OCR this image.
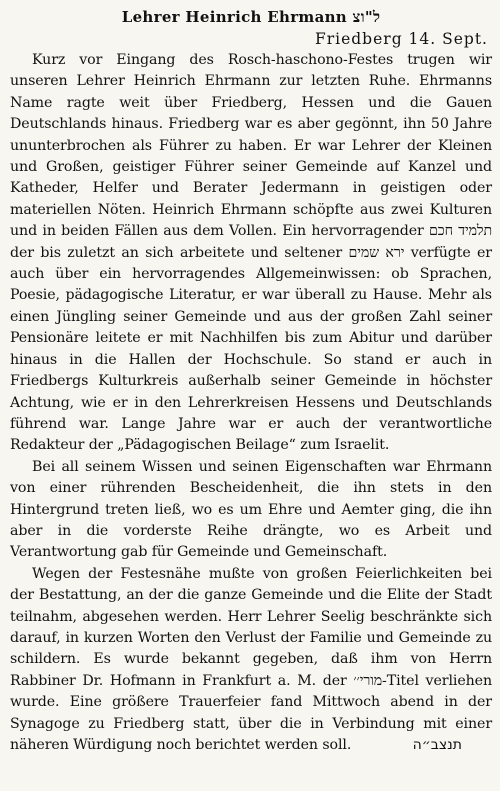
Lehrer Heinrich Ehrmann ל"וצ
Friedberg 14. Sept.

Kurz vor Eingang des Rosch-haschono-Festes trugen wir unseren Lehrer Heinrich Ehrmann zur letzten Ruhe. Ehrmanns Name ragte weit über Friedberg, Hessen und die Gauen Deutschlands hinaus. Friedberg war es aber gegönnt, ihn 50 Jahre ununterbrochen als Führer zu haben. Er war Lehrer der Kleinen und Großen, geistiger Führer seiner Gemeinde auf Kanzel und Katheder, Helfer und Berater Jedermann in geistigen oder materiellen Nöten. Heinrich Ehrmann schöpfte aus zwei Kulturen und in beiden Fällen aus dem Vollen. Ein hervorragender תלמיד חכם der bis zuletzt an sich arbeitete und seltener ירא שמים verfügte er auch über ein hervorragendes Allgemeinwissen: ob Sprachen, Poesie, pädagogische Literatur, er war überall zu Hause. Mehr als einen Jüngling seiner Gemeinde und aus der großen Zahl seiner Pensionäre leitete er mit Nachhilfen bis zum Abitur und darüber hinaus in die Hallen der Hochschule. So stand er auch in Friedbergs Kulturkreis außerhalb seiner Gemeinde in höchster Achtung, wie er in den Lehrerkreisen Hessens und Deutschlands führend war. Lange Jahre war er auch der verantwortliche Redakteur der „Pädagogischen Beilage“ zum Israelit.

Bei all seinem Wissen und seinen Eigenschaften war Ehrmann von einer rührenden Bescheidenheit, die ihn stets in den Hintergrund treten ließ, wo es um Ehre und Aemter ging, die ihn aber in die vorderste Reihe drängte, wo es Arbeit und Verantwortung gab für Gemeinde und Gemeinschaft.

Wegen der Festesnähe mußte von großen Feierlichkeiten bei der Bestattung, an der die ganze Gemeinde und die Elite der Stadt teilnahm, abgesehen werden. Herr Lehrer Seelig beschränkte sich darauf, in kurzen Worten den Verlust der Familie und Gemeinde zu schildern. Es wurde bekannt gegeben, daß ihm von Herrn Rabbiner Dr. Hofmann in Frankfurt a. M. der מורי׳׳-Titel verliehen wurde. Eine größere Trauerfeier fand Mittwoch abend in der Synagoge zu Friedberg statt, über die in Verbindung mit einer näheren Würdigung noch berichtet werden soll.	תנצב״ה
